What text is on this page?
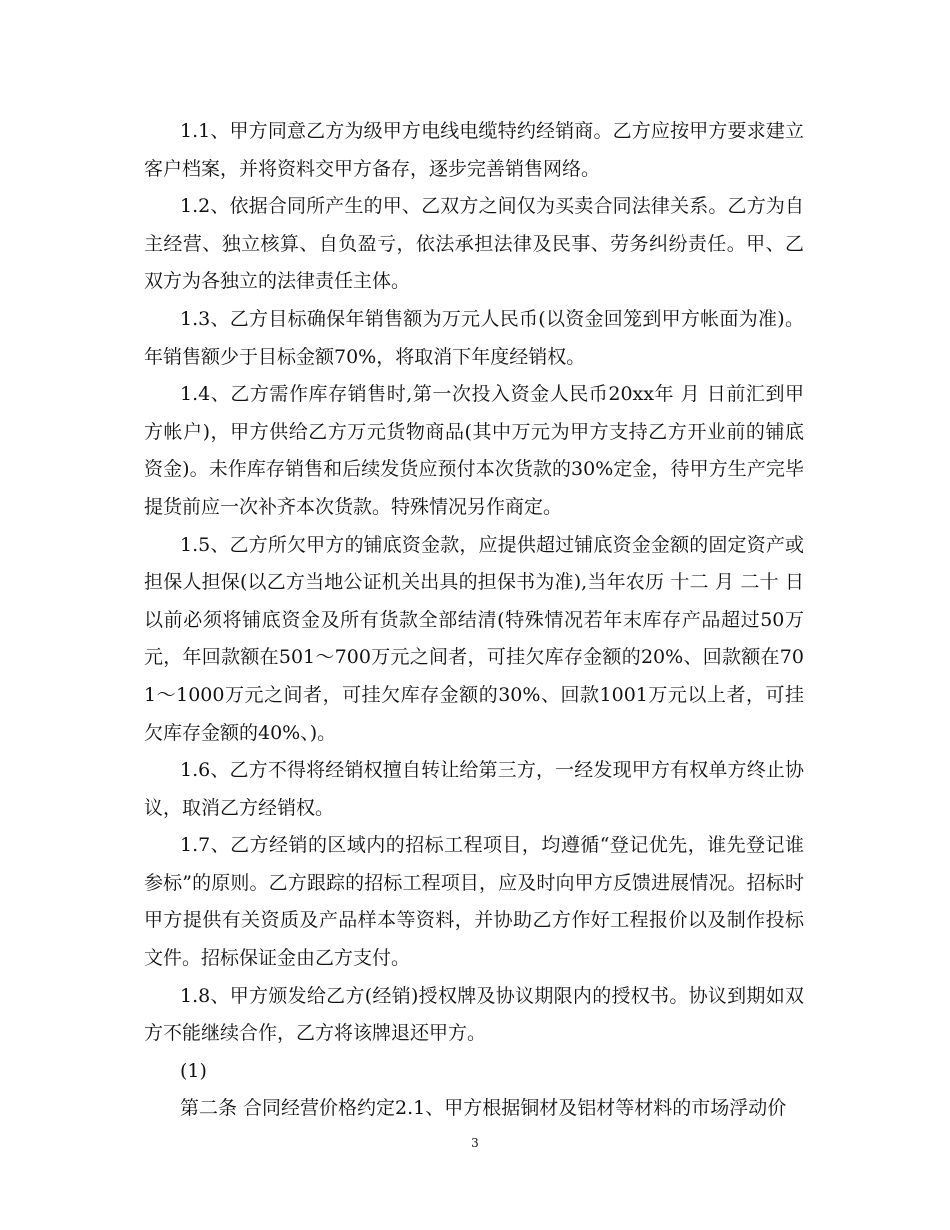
1.1、甲方同意乙方为级甲方电线电缆特约经销商。乙方应按甲方要求建立客户档案，并将资料交甲方备存，逐步完善销售网络。

1.2、依据合同所产生的甲、乙双方之间仅为买卖合同法律关系。乙方为自主经营、独立核算、自负盈亏，依法承担法律及民事、劳务纠纷责任。甲、乙双方为各独立的法律责任主体。

1.3、乙方目标确保年销售额为万元人民币(以资金回笼到甲方帐面为准)。年销售额少于目标金额70%，将取消下年度经销权。

1.4、乙方需作库存销售时,第一次投入资金人民币20xx年 月 日前汇到甲方帐户)，甲方供给乙方万元货物商品(其中万元为甲方支持乙方开业前的铺底资金)。未作库存销售和后续发货应预付本次货款的30%定金，待甲方生产完毕提货前应一次补齐本次货款。特殊情况另作商定。

1.5、乙方所欠甲方的铺底资金款，应提供超过铺底资金金额的固定资产或担保人担保(以乙方当地公证机关出具的担保书为准),当年农历 十二 月 二十 日以前必须将铺底资金及所有货款全部结清(特殊情况若年末库存产品超过50万元，年回款额在501～700万元之间者，可挂欠库存金额的20%、回款额在701～1000万元之间者，可挂欠库存金额的30%、回款1001万元以上者，可挂欠库存金额的40%、)。

1.6、乙方不得将经销权擅自转让给第三方，一经发现甲方有权单方终止协议，取消乙方经销权。

1.7、乙方经销的区域内的招标工程项目，均遵循“登记优先，谁先登记谁参标”的原则。乙方跟踪的招标工程项目，应及时向甲方反馈进展情况。招标时甲方提供有关资质及产品样本等资料，并协助乙方作好工程报价以及制作投标文件。招标保证金由乙方支付。

1.8、甲方颁发给乙方(经销)授权牌及协议期限内的授权书。协议到期如双方不能继续合作，乙方将该牌退还甲方。

(1)

第二条 合同经营价格约定2.1、甲方根据铜材及铝材等材料的市场浮动价

3
